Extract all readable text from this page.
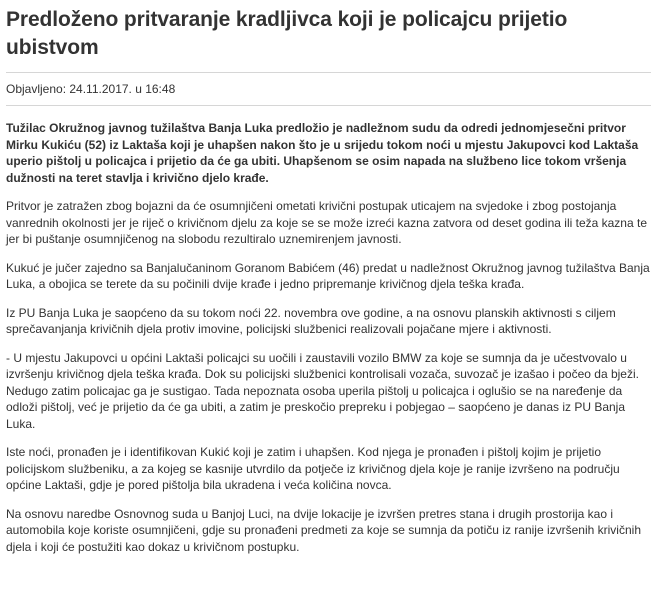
Predloženo pritvaranje kradljivca koji je policajcu prijetio ubistvom
Objavljeno: 24.11.2017. u 16:48

Tužilac Okružnog javnog tužilaštva Banja Luka predložio je nadležnom sudu da odredi jednomjesečni pritvor Mirku Kukiću (52) iz Laktaša koji je uhapšen nakon što je u srijedu tokom noći u mjestu Jakupovci kod Laktaša uperio pištolj u policajca i prijetio da će ga ubiti. Uhapšenom se osim napada na službeno lice tokom vršenja dužnosti na teret stavlja i krivično djelo krađe.

Pritvor je zatražen zbog bojazni da će osumnjičeni ometati krivični postupak uticajem na svjedoke i zbog postojanja vanrednih okolnosti jer je riječ o krivičnom djelu za koje se se može izreći kazna zatvora od deset godina ili teža kazna te jer bi puštanje osumnjičenog na slobodu rezultiralo uznemirenjem javnosti.

Kukuć je jučer zajedno sa Banjalučaninom Goranom Babićem (46) predat u nadležnost Okružnog javnog tužilaštva Banja Luka, a obojica se terete da su počinili dvije krađe i jedno pripremanje krivičnog djela teška krađa.

Iz PU Banja Luka je saopćeno da su tokom noći 22. novembra ove godine, a na osnovu planskih aktivnosti s ciljem sprečavanjanja krivičnih djela protiv imovine, policijski službenici realizovali pojačane mjere i aktivnosti.

- U mjestu Jakupovci u općini Laktaši policajci su uočili i zaustavili vozilo BMW za koje se sumnja da je učestvovalo u izvršenju krivičnog djela teška krađa. Dok su policijski službenici kontrolisali vozača, suvozač je izašao i počeo da bježi. Nedugo zatim policajac ga je sustigao. Tada nepoznata osoba uperila pištolj u policajca i oglušio se na naređenje da odloži pištolj, već je prijetio da će ga ubiti, a zatim je preskočio prepreku i pobjegao – saopćeno je danas iz PU Banja Luka.

Iste noći, pronađen je i identifikovan Kukić koji je zatim i uhapšen. Kod njega je pronađen i pištolj kojim je prijetio policijskom službeniku, a za kojeg se kasnije utvrdilo da potječe iz krivičnog djela koje je ranije izvršeno na području općine Laktaši, gdje je pored pištolja bila ukradena i veća količina novca.

Na osnovu naredbe Osnovnog suda u Banjoj Luci, na dvije lokacije je izvršen pretres stana i drugih prostorija kao i automobila koje koriste osumnjičeni, gdje su pronađeni predmeti za koje se sumnja da potiču iz ranije izvršenih krivičnih djela i koji će postužiti kao dokaz u krivičnom postupku.
